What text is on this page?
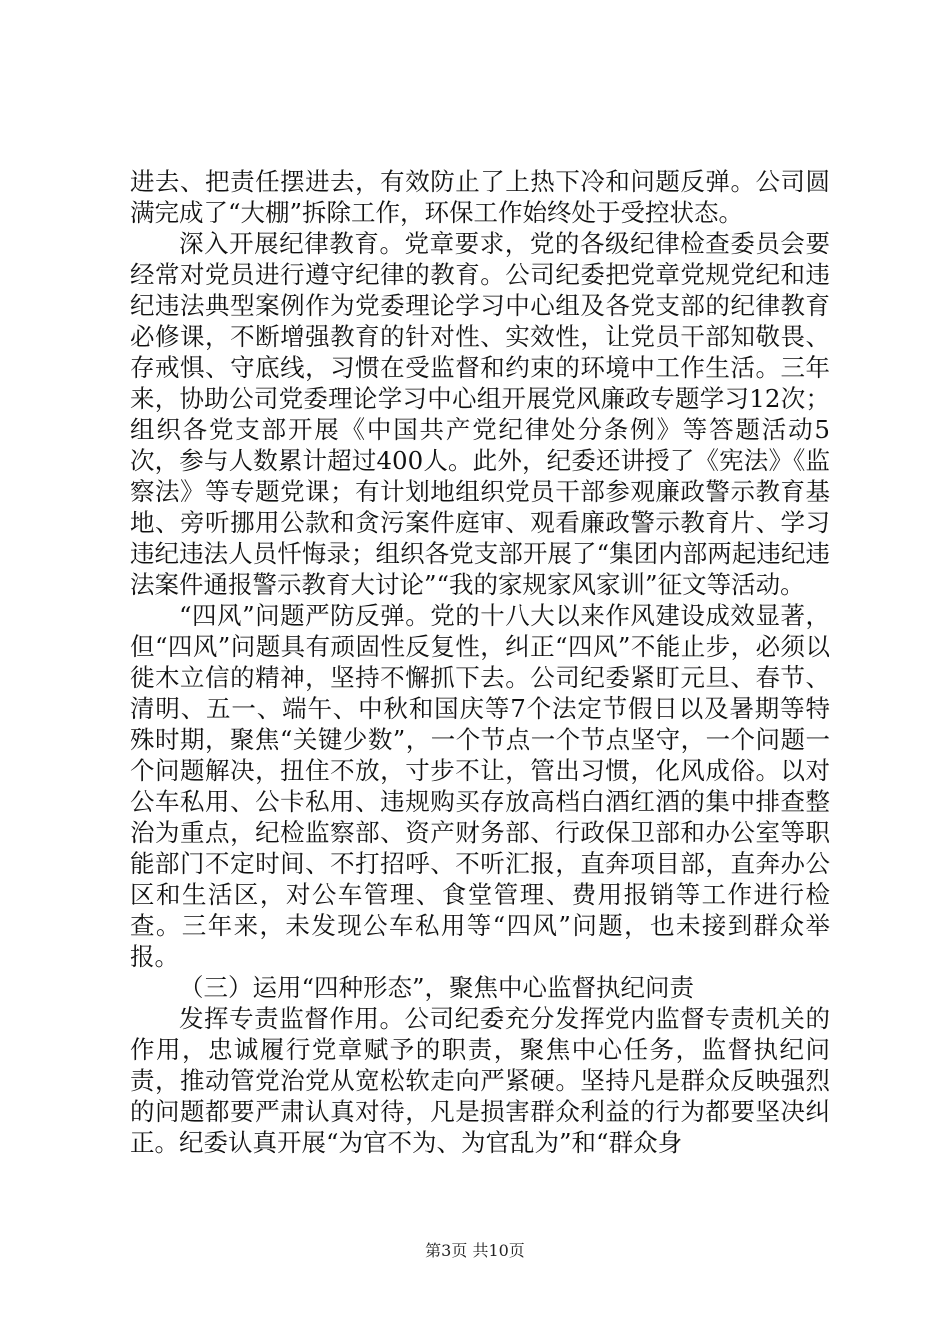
进去、把责任摆进去，有效防止了上热下冷和问题反弹。公司圆满完成了“大棚”拆除工作，环保工作始终处于受控状态。

深入开展纪律教育。党章要求，党的各级纪律检查委员会要经常对党员进行遵守纪律的教育。公司纪委把党章党规党纪和违纪违法典型案例作为党委理论学习中心组及各党支部的纪律教育必修课，不断增强教育的针对性、实效性，让党员干部知敬畏、存戒惧、守底线，习惯在受监督和约束的环境中工作生活。三年来，协助公司党委理论学习中心组开展党风廉政专题学习12次；组织各党支部开展《中国共产党纪律处分条例》等答题活动5次，参与人数累计超过400人。此外，纪委还讲授了《宪法》《监察法》等专题党课；有计划地组织党员干部参观廉政警示教育基地、旁听挪用公款和贪污案件庭审、观看廉政警示教育片、学习违纪违法人员忏悔录；组织各党支部开展了“集团内部两起违纪违法案件通报警示教育大讨论”“我的家规家风家训”征文等活动。

“四风”问题严防反弹。党的十八大以来作风建设成效显著，但“四风”问题具有顽固性反复性，纠正“四风”不能止步，必须以徙木立信的精神，坚持不懈抓下去。公司纪委紧盯元旦、春节、清明、五一、端午、中秋和国庆等7个法定节假日以及暑期等特殊时期，聚焦“关键少数”，一个节点一个节点坚守，一个问题一个问题解决，扭住不放，寸步不让，管出习惯，化风成俗。以对公车私用、公卡私用、违规购买存放高档白酒红酒的集中排查整治为重点，纪检监察部、资产财务部、行政保卫部和办公室等职能部门不定时间、不打招呼、不听汇报，直奔项目部，直奔办公区和生活区，对公车管理、食堂管理、费用报销等工作进行检查。三年来，未发现公车私用等“四风”问题，也未接到群众举报。

（三）运用“四种形态”，聚焦中心监督执纪问责

发挥专责监督作用。公司纪委充分发挥党内监督专责机关的作用，忠诚履行党章赋予的职责，聚焦中心任务，监督执纪问责，推动管党治党从宽松软走向严紧硬。坚持凡是群众反映强烈的问题都要严肃认真对待，凡是损害群众利益的行为都要坚决纠正。纪委认真开展“为官不为、为官乱为”和“群众身

第3页 共10页
